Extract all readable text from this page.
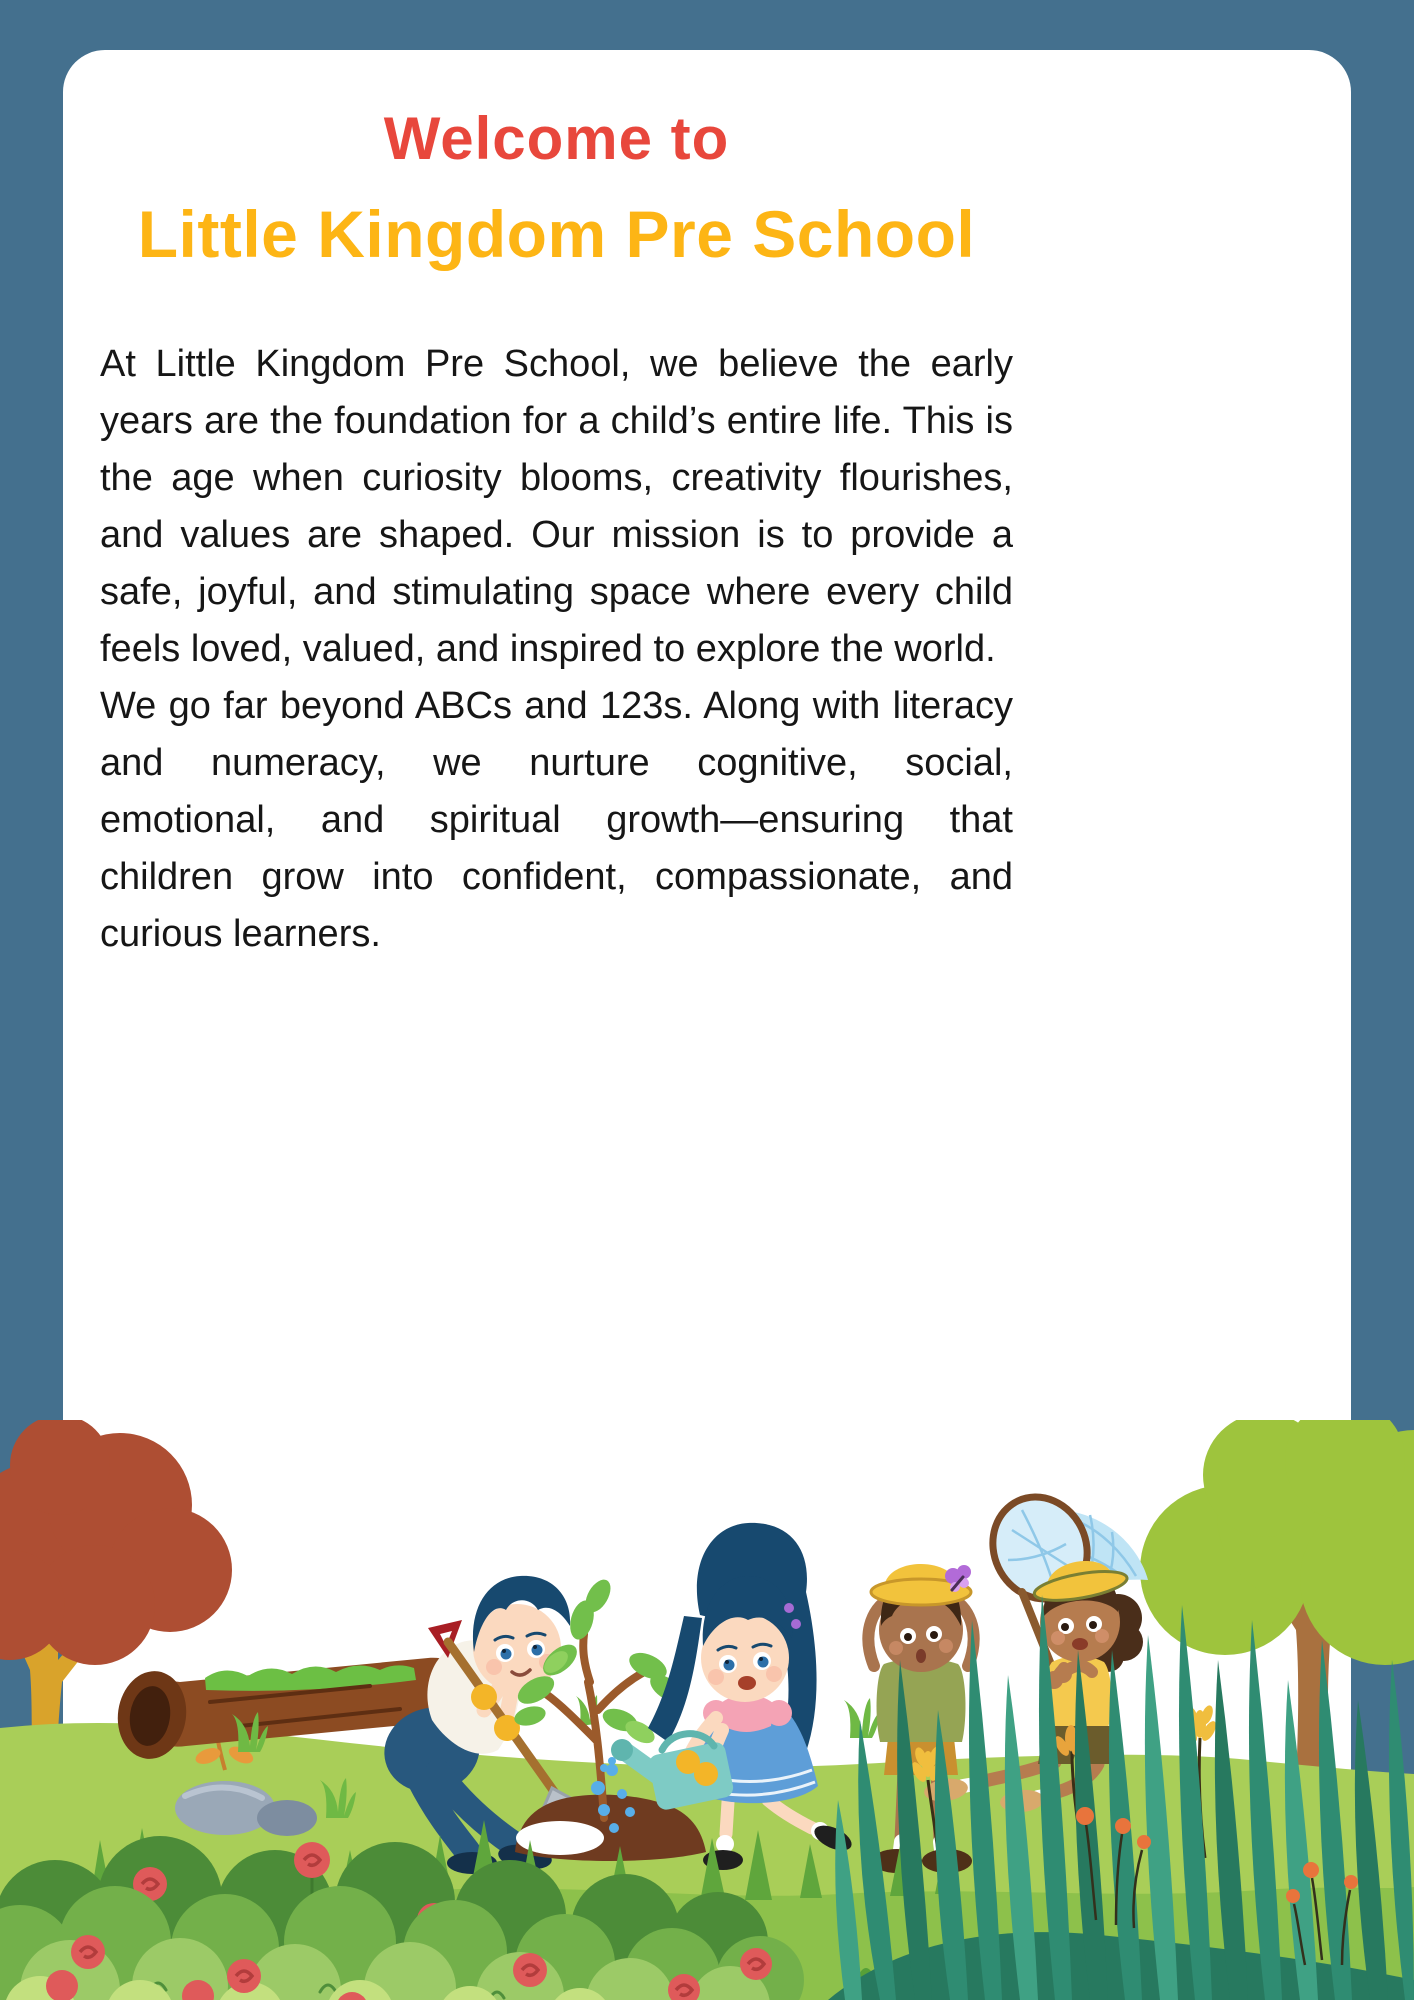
Welcome to
Little Kingdom Pre School

At Little Kingdom Pre School, we believe the early years are the foundation for a child’s entire life. This is the age when curiosity blooms, creativity flourishes, and values are shaped. Our mission is to provide a safe, joyful, and stimulating space where every child feels loved, valued, and inspired to explore the world.

We go far beyond ABCs and 123s. Along with literacy and numeracy, we nurture cognitive, social, emotional, and spiritual growth—ensuring that children grow into confident, compassionate, and curious learners.
